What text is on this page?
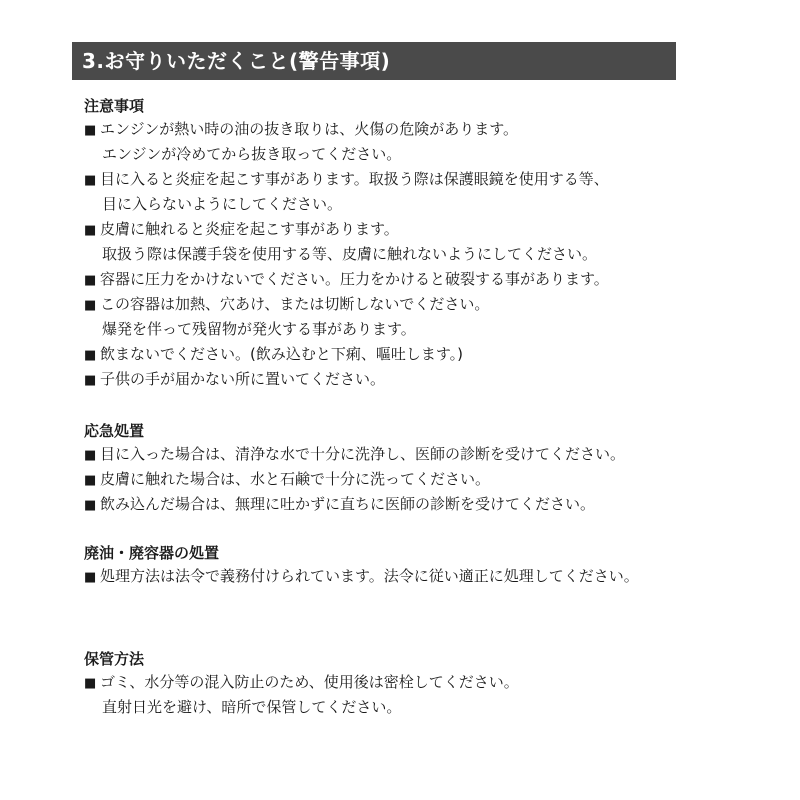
3.お守りいただくこと(警告事項)
注意事項
■ エンジンが熱い時の油の抜き取りは、火傷の危険があります。
エンジンが冷めてから抜き取ってください。
■ 目に入ると炎症を起こす事があります。取扱う際は保護眼鏡を使用する等、
目に入らないようにしてください。
■ 皮膚に触れると炎症を起こす事があります。
取扱う際は保護手袋を使用する等、皮膚に触れないようにしてください。
■ 容器に圧力をかけないでください。圧力をかけると破裂する事があります。
■ この容器は加熱、穴あけ、または切断しないでください。
爆発を伴って残留物が発火する事があります。
■ 飲まないでください。(飲み込むと下痢、嘔吐します。)
■ 子供の手が届かない所に置いてください。
応急処置
■ 目に入った場合は、清浄な水で十分に洗浄し、医師の診断を受けてください。
■ 皮膚に触れた場合は、水と石鹸で十分に洗ってください。
■ 飲み込んだ場合は、無理に吐かずに直ちに医師の診断を受けてください。
廃油・廃容器の処置
■ 処理方法は法令で義務付けられています。法令に従い適正に処理してください。
保管方法
■ ゴミ、水分等の混入防止のため、使用後は密栓してください。
直射日光を避け、暗所で保管してください。
